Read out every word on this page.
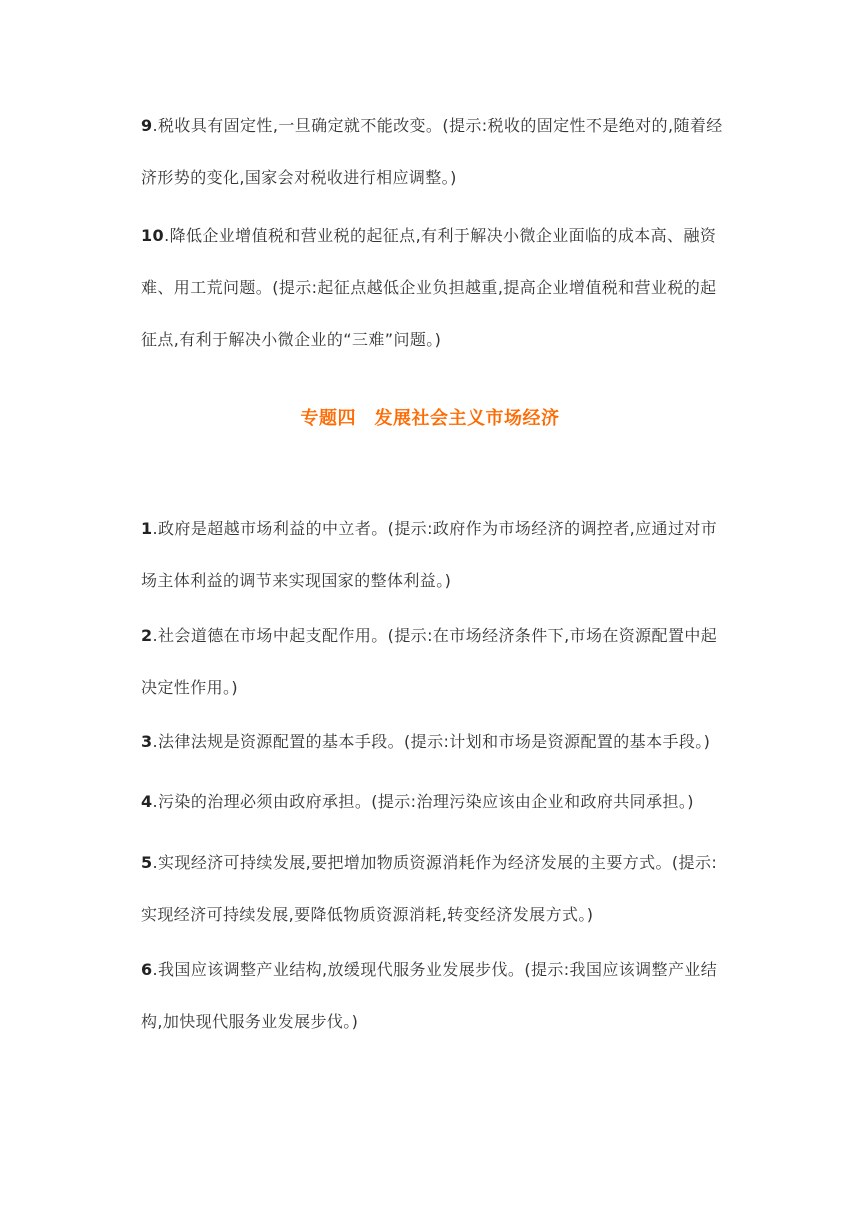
9.税收具有固定性,一旦确定就不能改变。(提示:税收的固定性不是绝对的,随着经济形势的变化,国家会对税收进行相应调整。)

10.降低企业增值税和营业税的起征点,有利于解决小微企业面临的成本高、融资难、用工荒问题。(提示:起征点越低企业负担越重,提高企业增值税和营业税的起征点,有利于解决小微企业的“三难”问题。)

专题四　发展社会主义市场经济

1.政府是超越市场利益的中立者。(提示:政府作为市场经济的调控者,应通过对市场主体利益的调节来实现国家的整体利益。)

2.社会道德在市场中起支配作用。(提示:在市场经济条件下,市场在资源配置中起决定性作用。)

3.法律法规是资源配置的基本手段。(提示:计划和市场是资源配置的基本手段。)

4.污染的治理必须由政府承担。(提示:治理污染应该由企业和政府共同承担。)

5.实现经济可持续发展,要把增加物质资源消耗作为经济发展的主要方式。(提示:实现经济可持续发展,要降低物质资源消耗,转变经济发展方式。)

6.我国应该调整产业结构,放缓现代服务业发展步伐。(提示:我国应该调整产业结构,加快现代服务业发展步伐。)
